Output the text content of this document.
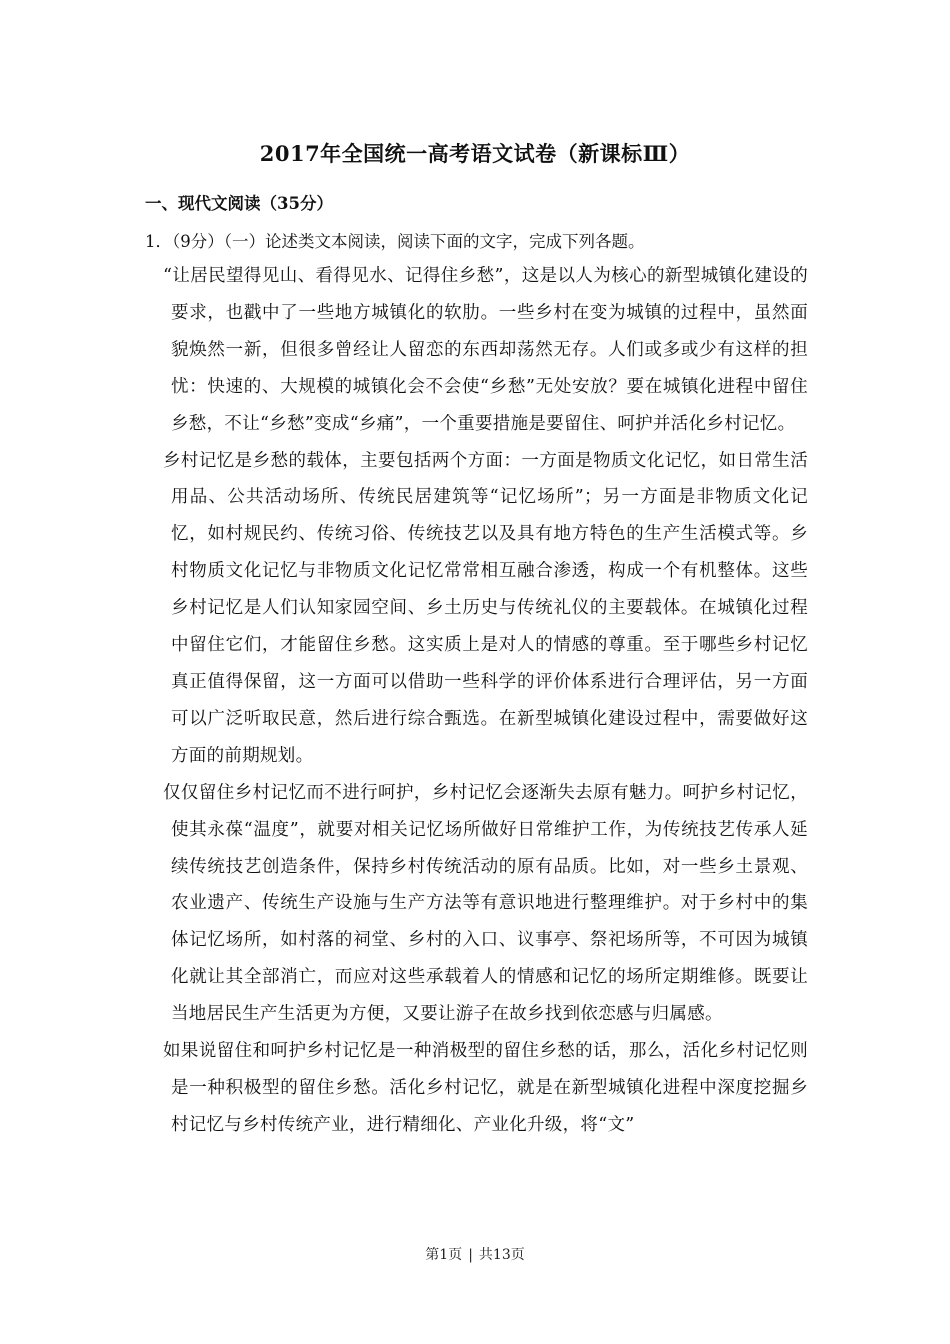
2017年全国统一高考语文试卷（新课标Ⅲ）
一、现代文阅读（35分）
1．（9分）（一）论述类文本阅读，阅读下面的文字，完成下列各题。

“让居民望得见山、看得见水、记得住乡愁”，这是以人为核心的新型城镇化建设的要求，也戳中了一些地方城镇化的软肋。一些乡村在变为城镇的过程中，虽然面貌焕然一新，但很多曾经让人留恋的东西却荡然无存。人们或多或少有这样的担忧：快速的、大规模的城镇化会不会使“乡愁”无处安放？要在城镇化进程中留住乡愁，不让“乡愁”变成“乡痛”，一个重要措施是要留住、呵护并活化乡村记忆。

乡村记忆是乡愁的载体，主要包括两个方面：一方面是物质文化记忆，如日常生活用品、公共活动场所、传统民居建筑等“记忆场所”；另一方面是非物质文化记忆，如村规民约、传统习俗、传统技艺以及具有地方特色的生产生活模式等。乡村物质文化记忆与非物质文化记忆常常相互融合渗透，构成一个有机整体。这些乡村记忆是人们认知家园空间、乡土历史与传统礼仪的主要载体。在城镇化过程中留住它们，才能留住乡愁。这实质上是对人的情感的尊重。至于哪些乡村记忆真正值得保留，这一方面可以借助一些科学的评价体系进行合理评估，另一方面可以广泛听取民意，然后进行综合甄选。在新型城镇化建设过程中，需要做好这方面的前期规划。

仅仅留住乡村记忆而不进行呵护，乡村记忆会逐渐失去原有魅力。呵护乡村记忆，使其永葆“温度”，就要对相关记忆场所做好日常维护工作，为传统技艺传承人延续传统技艺创造条件，保持乡村传统活动的原有品质。比如，对一些乡土景观、农业遗产、传统生产设施与生产方法等有意识地进行整理维护。对于乡村中的集体记忆场所，如村落的祠堂、乡村的入口、议事亭、祭祀场所等，不可因为城镇化就让其全部消亡，而应对这些承载着人的情感和记忆的场所定期维修。既要让当地居民生产生活更为方便，又要让游子在故乡找到依恋感与归属感。

如果说留住和呵护乡村记忆是一种消极型的留住乡愁的话，那么，活化乡村记忆则是一种积极型的留住乡愁。活化乡村记忆，就是在新型城镇化进程中深度挖掘乡村记忆与乡村传统产业，进行精细化、产业化升级，将“文”

第1页 | 共13页
